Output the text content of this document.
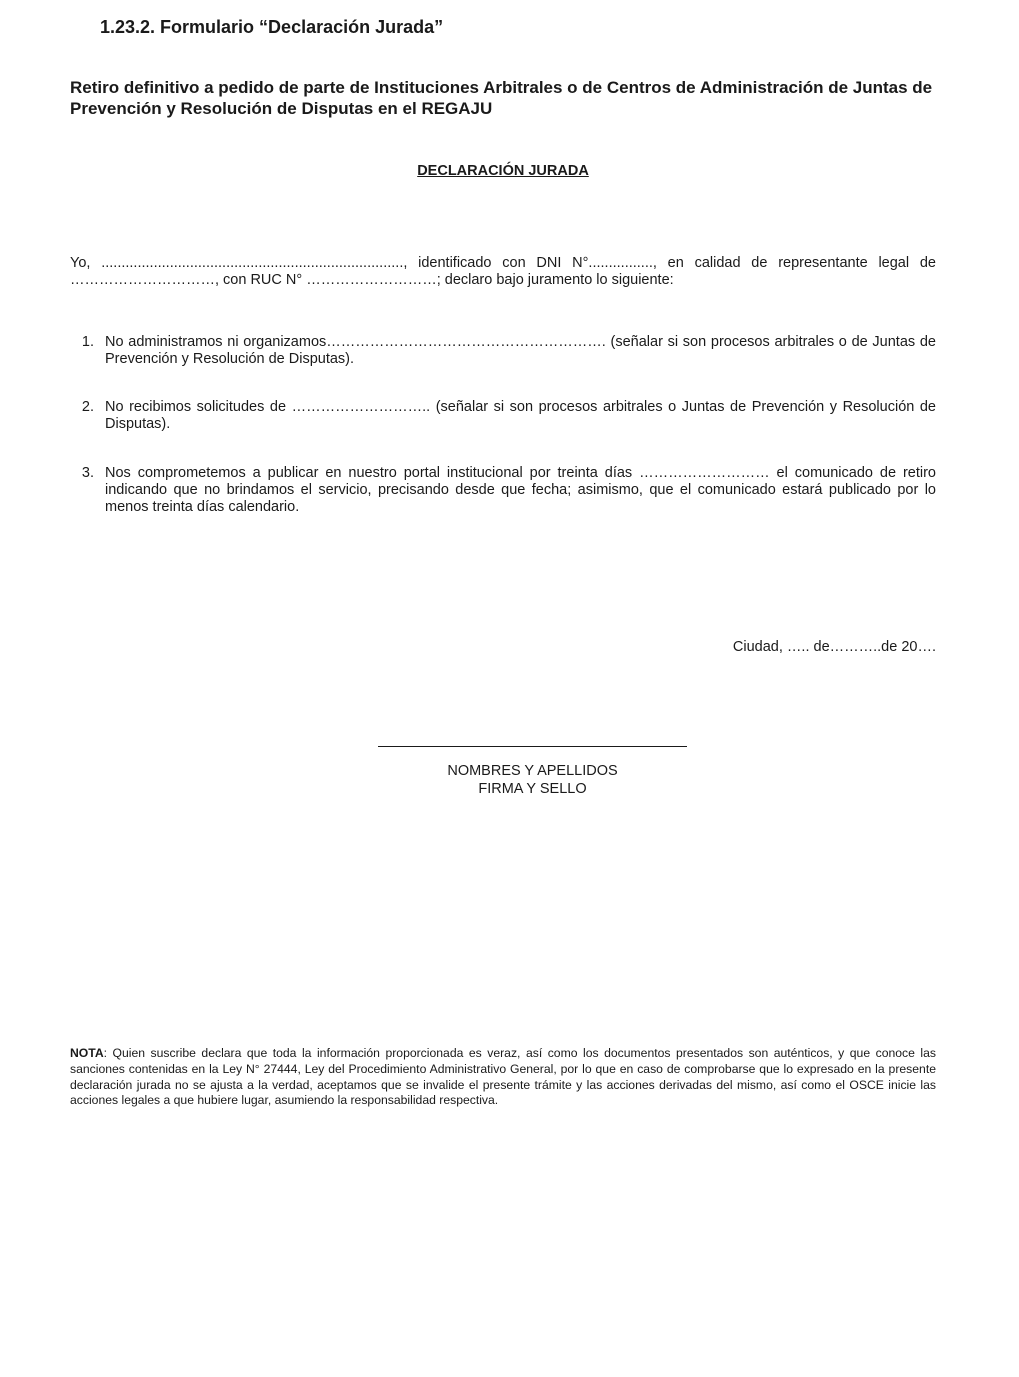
1.23.2. Formulario “Declaración Jurada”
Retiro definitivo a pedido de parte de Instituciones Arbitrales o de Centros de Administración de Juntas de Prevención y Resolución de Disputas en el REGAJU
DECLARACIÓN JURADA
Yo, ..........................................................................., identificado con DNI N°................, en calidad de representante legal de …………………………, con RUC N° ………………………; declaro bajo juramento lo siguiente:
1. No administramos ni organizamos…………………………………………………. (señalar si son procesos arbitrales o de Juntas de Prevención y Resolución de Disputas).
2. No recibimos solicitudes de ……………………….. (señalar si son procesos arbitrales o Juntas de Prevención y Resolución de Disputas).
3. Nos comprometemos a publicar en nuestro portal institucional por treinta días ……………………… el comunicado de retiro indicando que no brindamos el servicio, precisando desde que fecha; asimismo, que el comunicado estará publicado por lo menos treinta días calendario.
Ciudad, ….. de………..de 20….
NOMBRES Y APELLIDOS
FIRMA Y SELLO
NOTA: Quien suscribe declara que toda la información proporcionada es veraz, así como los documentos presentados son auténticos, y que conoce las sanciones contenidas en la Ley N° 27444, Ley del Procedimiento Administrativo General, por lo que en caso de comprobarse que lo expresado en la presente declaración jurada no se ajusta a la verdad, aceptamos que se invalide el presente trámite y las acciones derivadas del mismo, así como el OSCE inicie las acciones legales a que hubiere lugar, asumiendo la responsabilidad respectiva.
